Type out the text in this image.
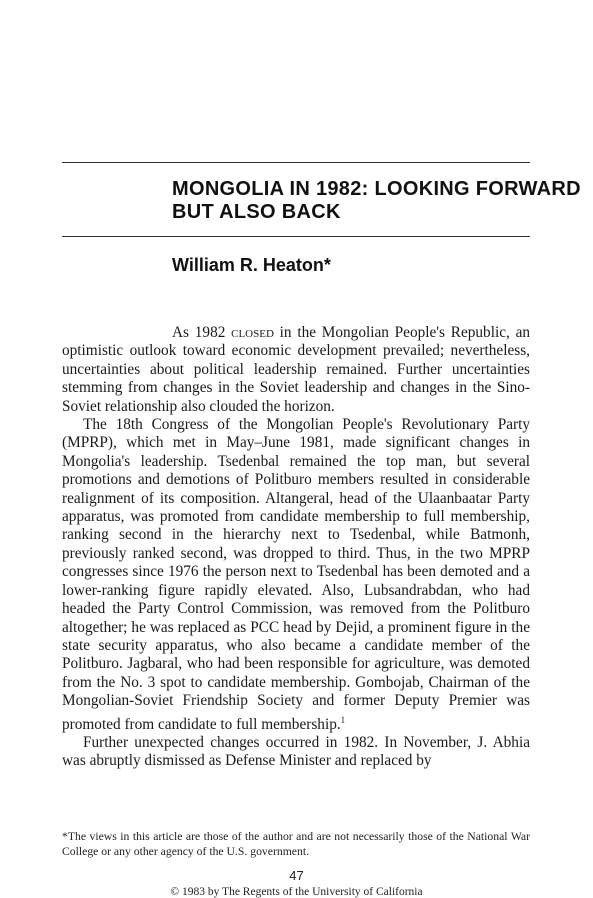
MONGOLIA IN 1982: LOOKING FORWARD
BUT ALSO BACK
William R. Heaton*

As 1982 closed in the Mongolian People's Republic, an optimistic outlook toward economic development prevailed; nevertheless, uncertainties about political leadership remained. Further uncertainties stemming from changes in the Soviet leadership and changes in the Sino-Soviet relationship also clouded the horizon.

The 18th Congress of the Mongolian People's Revolutionary Party (MPRP), which met in May–June 1981, made significant changes in Mongolia's leadership. Tsedenbal remained the top man, but several promotions and demotions of Politburo members resulted in considerable realignment of its composition. Altangeral, head of the Ulaanbaatar Party apparatus, was promoted from candidate membership to full membership, ranking second in the hierarchy next to Tsedenbal, while Batmonh, previously ranked second, was dropped to third. Thus, in the two MPRP congresses since 1976 the person next to Tsedenbal has been demoted and a lower-ranking figure rapidly elevated. Also, Lubsandrabdan, who had headed the Party Control Commission, was removed from the Politburo altogether; he was replaced as PCC head by Dejid, a prominent figure in the state security apparatus, who also became a candidate member of the Politburo. Jagbaral, who had been responsible for agriculture, was demoted from the No. 3 spot to candidate membership. Gombojab, Chairman of the Mongolian-Soviet Friendship Society and former Deputy Premier was promoted from candidate to full membership.$^1$

Further unexpected changes occurred in 1982. In November, J. Abhia was abruptly dismissed as Defense Minister and replaced by

*The views in this article are those of the author and are not necessarily those of the National War College or any other agency of the U.S. government.
47
© 1983 by The Regents of the University of California
